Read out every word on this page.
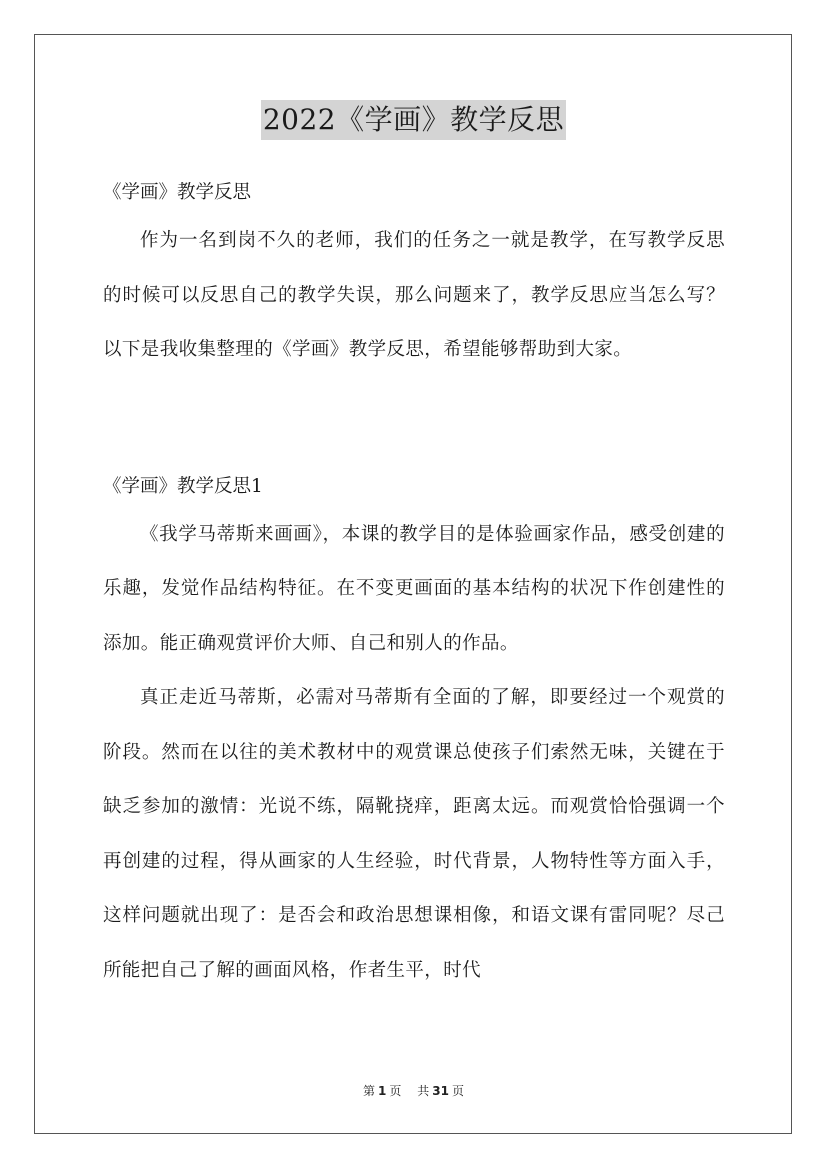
2022《学画》教学反思

《学画》教学反思

作为一名到岗不久的老师，我们的任务之一就是教学，在写教学反思的时候可以反思自己的教学失误，那么问题来了，教学反思应当怎么写？以下是我收集整理的《学画》教学反思，希望能够帮助到大家。

《学画》教学反思1

《我学马蒂斯来画画》，本课的教学目的是体验画家作品，感受创建的乐趣，发觉作品结构特征。在不变更画面的基本结构的状况下作创建性的添加。能正确观赏评价大师、自己和别人的作品。

真正走近马蒂斯，必需对马蒂斯有全面的了解，即要经过一个观赏的阶段。然而在以往的美术教材中的观赏课总使孩子们索然无味，关键在于缺乏参加的激情：光说不练，隔靴挠痒，距离太远。而观赏恰恰强调一个再创建的过程，得从画家的人生经验，时代背景，人物特性等方面入手，这样问题就出现了：是否会和政治思想课相像，和语文课有雷同呢？尽己所能把自己了解的画面风格，作者生平，时代

第 1 页 共 31 页
